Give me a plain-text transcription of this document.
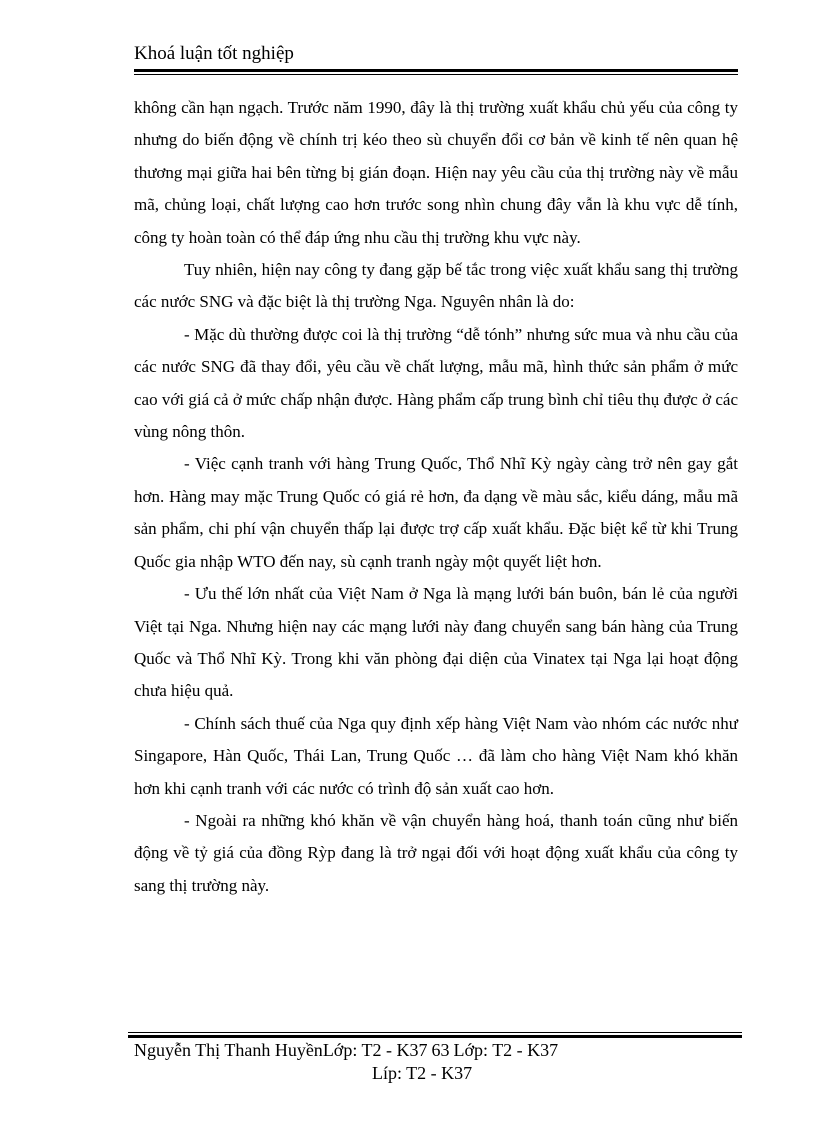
Khoá luận tốt nghiệp

không cần hạn ngạch. Trước năm 1990, đây là thị trường xuất khẩu chủ yếu của công ty nhưng do biến động về chính trị kéo theo sù chuyển đổi cơ bản về kinh tế nên quan hệ thương mại giữa hai bên từng bị gián đoạn. Hiện nay yêu cầu của thị trường này về mẫu mã, chủng loại, chất lượng cao hơn trước song nhìn chung đây vẫn là khu vực dễ tính, công ty hoàn toàn có thể đáp ứng nhu cầu thị trường khu vực này.

Tuy nhiên, hiện nay công ty đang gặp bế tắc trong việc xuất khẩu sang thị trường các nước SNG và đặc biệt là thị trường Nga. Nguyên nhân là do:

- Mặc dù thường được coi là thị trường “dễ tónh” nhưng sức mua và nhu cầu của các nước SNG đã thay đổi, yêu cầu về chất lượng, mẫu mã, hình thức sản phẩm ở mức cao với giá cả ở mức chấp nhận được. Hàng phẩm cấp trung bình chỉ tiêu thụ được ở các vùng nông thôn.

- Việc cạnh tranh với hàng Trung Quốc, Thổ Nhĩ Kỳ ngày càng trở nên gay gắt hơn. Hàng may mặc Trung Quốc có giá rẻ hơn, đa dạng về màu sắc, kiểu dáng, mẫu mã sản phẩm, chi phí vận chuyển thấp lại được trợ cấp xuất khẩu. Đặc biệt kể từ khi Trung Quốc gia nhập WTO đến nay, sù cạnh tranh ngày một quyết liệt hơn.

- Ưu thế lớn nhất của Việt Nam ở Nga là mạng lưới bán buôn, bán lẻ của người Việt tại Nga. Nhưng hiện nay các mạng lưới này đang chuyển sang bán hàng của Trung Quốc và Thổ Nhĩ Kỳ. Trong khi văn phòng đại diện của Vinatex tại Nga lại hoạt động chưa hiệu quả.

- Chính sách thuế của Nga quy định xếp hàng Việt Nam vào nhóm các nước như Singapore, Hàn Quốc, Thái Lan, Trung Quốc … đã làm cho hàng Việt Nam khó khăn hơn khi cạnh tranh với các nước có trình độ sản xuất cao hơn.

- Ngoài ra những khó khăn về vận chuyển hàng hoá, thanh toán cũng như biến động về tỷ giá của đồng Rỳp đang là trở ngại đối với hoạt động xuất khẩu của công ty sang thị trường này.

Nguyễn Thị Thanh HuyềnLớp: T2 - K37 63 Lớp: T2 - K37
Líp: T2 - K37
